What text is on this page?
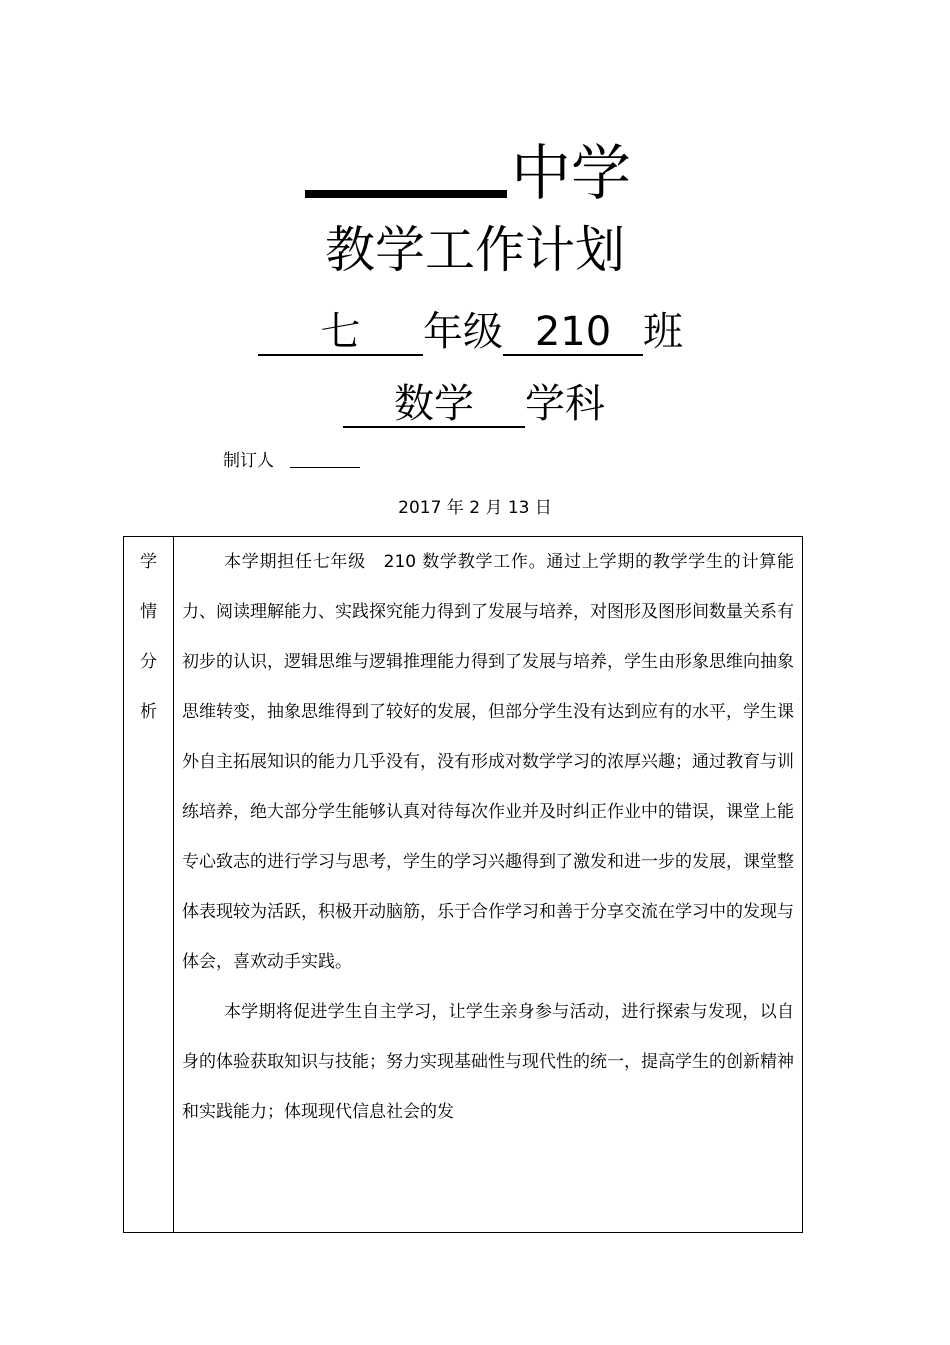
中学
教学工作计划
七 年级 210 班
数学 学科
制订人
2017 年 2 月 13 日
学
情
分
析

本学期担任七年级　210 数学教学工作。通过上学期的教学学生的计算能力、阅读理解能力、实践探究能力得到了发展与培养，对图形及图形间数量关系有初步的认识，逻辑思维与逻辑推理能力得到了发展与培养，学生由形象思维向抽象思维转变，抽象思维得到了较好的发展，但部分学生没有达到应有的水平，学生课外自主拓展知识的能力几乎没有，没有形成对数学学习的浓厚兴趣；通过教育与训练培养，绝大部分学生能够认真对待每次作业并及时纠正作业中的错误，课堂上能专心致志的进行学习与思考，学生的学习兴趣得到了激发和进一步的发展，课堂整体表现较为活跃，积极开动脑筋，乐于合作学习和善于分享交流在学习中的发现与体会，喜欢动手实践。

本学期将促进学生自主学习，让学生亲身参与活动，进行探索与发现，以自身的体验获取知识与技能；努力实现基础性与现代性的统一，提高学生的创新精神和实践能力；体现现代信息社会的发
